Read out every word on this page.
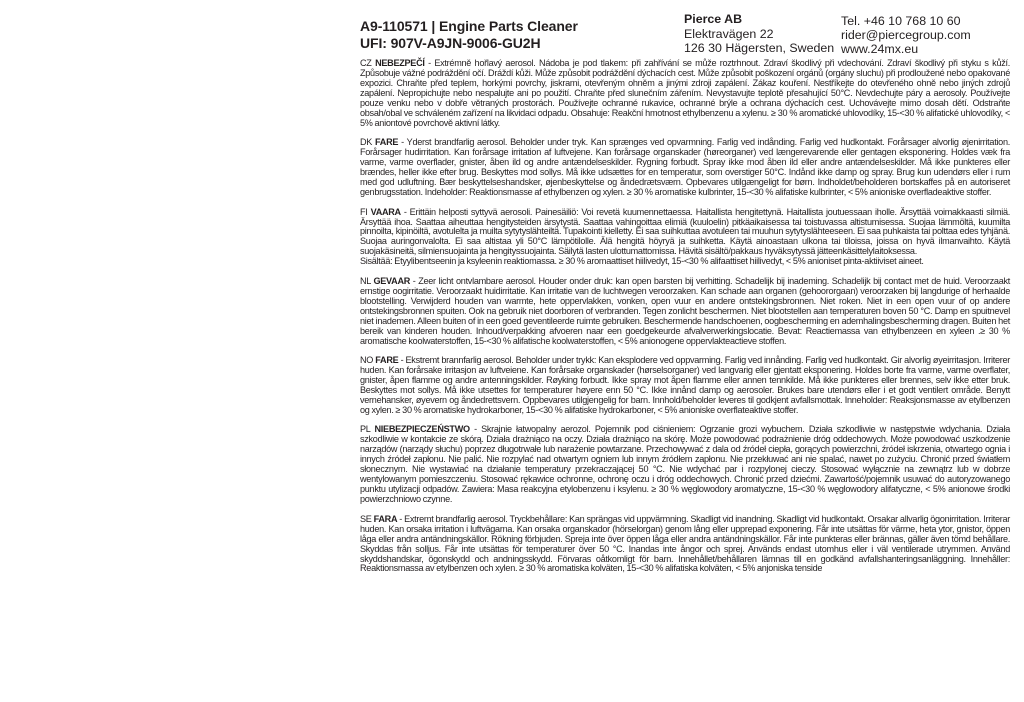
A9-110571 | Engine Parts Cleaner
UFI: 907V-A9JN-9006-GU2H
Pierce AB
Elektravägen 22
126 30 Hägersten, Sweden
Tel. +46 10 768 10 60
rider@piercegroup.com
www.24mx.eu

CZ NEBEZPEČÍ - Extrémně hořlavý aerosol. Nádoba je pod tlakem: při zahřívání se může roztrhnout. Zdraví škodlivý při vdechování. Zdraví škodlivý při styku s kůží. Způsobuje vážné podráždění očí. Dráždí kůži. Může způsobit podráždění dýchacích cest. Může způsobit poškození orgánů (orgány sluchu) při prodloužené nebo opakované expozici. Chraňte před teplem, horkými povrchy, jiskrami, otevřeným ohněm a jinými zdroji zapálení. Zákaz kouření. Nestříkejte do otevřeného ohně nebo jiných zdrojů zapálení. Nepropichujte nebo nespalujte ani po použití. Chraňte před slunečním zářením. Nevystavujte teplotě přesahující 50°C. Nevdechujte páry a aerosoly. Používejte pouze venku nebo v dobře větraných prostorách. Používejte ochranné rukavice, ochranné brýle a ochrana dýchacích cest. Uchovávejte mimo dosah dětí. Odstraňte obsah/obal ve schváleném zařízení na likvidaci odpadu. Obsahuje: Reakční hmotnost ethylbenzenu a xylenu. ≥ 30 % aromatické uhlovodíky, 15-<30 % alifatické uhlovodíky, < 5% aniontové povrchově aktivní látky.

DK FARE - Yderst brandfarlig aerosol. Beholder under tryk. Kan sprænges ved opvarmning. Farlig ved indånding. Farlig ved hudkontakt. Forårsager alvorlig øjenirritation. Forårsager hudirritation. Kan forårsage irritation af luftvejene. Kan forårsage organskader (høreorganer) ved længerevarende eller gentagen eksponering. Holdes væk fra varme, varme overflader, gnister, åben ild og andre antændelseskilder. Rygning forbudt. Spray ikke mod åben ild eller andre antændelseskilder. Må ikke punkteres eller brændes, heller ikke efter brug. Beskyttes mod sollys. Må ikke udsættes for en temperatur, som overstiger 50°C. Indånd ikke damp og spray. Brug kun udendørs eller i rum med god udluftning. Bær beskyttelseshandsker, øjenbeskyttelse og åndedrætsværn. Opbevares utilgængeligt for børn. Indholdet/beholderen bortskaffes på en autoriseret genbrugsstation. Indeholder: Reaktionsmasse af ethylbenzen og xylen. ≥ 30 % aromatiske kulbrinter, 15-<30 % alifatiske kulbrinter, < 5% anioniske overfladeaktive stoffer.

FI VAARA - Erittäin helposti syttyvä aerosoli. Painesäiliö: Voi revetä kuumennettaessa. Haitallista hengitettynä. Haitallista joutuessaan iholle. Ärsyttää voimakkaasti silmiä. Ärsyttää ihoa. Saattaa aiheuttaa hengitysteiden ärsytystä. Saattaa vahingoittaa elimiä (kuuloelin) pitkäaikaisessa tai toistuvassa altistumisessa. Suojaa lämmöltä, kuumilta pinnoilta, kipinöiltä, avotulelta ja muilta sytytyslähteiltä. Tupakointi kielletty. Ei saa suihkuttaa avotuleen tai muuhun sytytyslähteeseen. Ei saa puhkaista tai polttaa edes tyhjänä. Suojaa auringonvalolta. Ei saa altistaa yli 50°C lämpötilolle. Älä hengitä höyryä ja suihketta. Käytä ainoastaan ulkona tai tiloissa, joissa on hyvä ilmanvaihto. Käytä suojakäsineitä, silmiensuojainta ja hengityssuojainta. Säilytä lasten ulottumattomissa. Hävitä sisältö/pakkaus hyväksytyssä jätteenkäsittelylaitoksessa.
Sisältää: Etyylibentseenin ja ksyleenin reaktiomassa. ≥ 30 % aromaattiset hiilivedyt, 15-<30 % alifaattiset hiilivedyt, < 5% anioniset pinta-aktiiviset aineet.

NL GEVAAR - Zeer licht ontvlambare aerosol. Houder onder druk: kan open barsten bij verhitting. Schadelijk bij inademing. Schadelijk bij contact met de huid. Veroorzaakt ernstige oogirritatie. Veroorzaakt huidirritatie. Kan irritatie van de luchtwegen veroorzaken. Kan schade aan organen (gehoororgaan) veroorzaken bij langdurige of herhaalde blootstelling. Verwijderd houden van warmte, hete oppervlakken, vonken, open vuur en andere ontstekingsbronnen. Niet roken. Niet in een open vuur of op andere ontstekingsbronnen spuiten. Ook na gebruik niet doorboren of verbranden. Tegen zonlicht beschermen. Niet blootstellen aan temperaturen boven 50 °C. Damp en spuitnevel niet inademen. Alleen buiten of in een goed geventileerde ruimte gebruiken. Beschermende handschoenen, oogbescherming en ademhalingsbescherming dragen. Buiten het bereik van kinderen houden. Inhoud/verpakking afvoeren naar een goedgekeurde afvalverwerkingslocatie. Bevat: Reactiemassa van ethylbenzeen en xyleen .≥ 30 % aromatische koolwaterstoffen, 15-<30 % alifatische koolwaterstoffen, < 5% anionogene oppervlakteactieve stoffen.

NO FARE - Ekstremt brannfarlig aerosol. Beholder under trykk: Kan eksplodere ved oppvarming. Farlig ved innånding. Farlig ved hudkontakt. Gir alvorlig øyeirritasjon. Irriterer huden. Kan forårsake irritasjon av luftveiene. Kan forårsake organskader (hørselsorganer) ved langvarig eller gjentatt eksponering. Holdes borte fra varme, varme overflater, gnister, åpen flamme og andre antenningskilder. Røyking forbudt. Ikke spray mot åpen flamme eller annen tennkilde. Må ikke punkteres eller brennes, selv ikke etter bruk. Beskyttes mot sollys. Må ikke utsettes for temperaturer høyere enn 50 °C. Ikke innånd damp og aerosoler. Brukes bare utendørs eller i et godt ventilert område. Benytt vernehansker, øyevern og åndedrettsvern. Oppbevares utilgjengelig for barn. Innhold/beholder leveres til godkjent avfallsmottak. Inneholder: Reaksjonsmasse av etylbenzen og xylen. ≥ 30 % aromatiske hydrokarboner, 15-<30 % alifatiske hydrokarboner, < 5% anioniske overflateaktive stoffer.

PL NIEBEZPIECZEŃSTWO - Skrajnie łatwopalny aerozol. Pojemnik pod ciśnieniem: Ogrzanie grozi wybuchem. Działa szkodliwie w następstwie wdychania. Działa szkodliwie w kontakcie ze skórą. Działa drażniąco na oczy. Działa drażniąco na skórę. Może powodować podrażnienie dróg oddechowych. Może powodować uszkodzenie narządów (narządy słuchu) poprzez długotrwałe lub narażenie powtarzane. Przechowywać z dala od źródeł ciepła, gorących powierzchni, źródeł iskrzenia, otwartego ognia i innych źródeł zapłonu. Nie palić. Nie rozpylać nad otwartym ogniem lub innym źródłem zapłonu. Nie przekłuwać ani nie spalać, nawet po zużyciu. Chronić przed światłem słonecznym. Nie wystawiać na działanie temperatury przekraczającej 50 °C. Nie wdychać par i rozpylonej cieczy. Stosować wyłącznie na zewnątrz lub w dobrze wentylowanym pomieszczeniu. Stosować rękawice ochronne, ochronę oczu i dróg oddechowych. Chronić przed dziećmi. Zawartość/pojemnik usuwać do autoryzowanego punktu utylizacji odpadów. Zawiera: Masa reakcyjna etylobenzenu i ksylenu. ≥ 30 % węglowodory aromatyczne, 15-<30 % węglowodory alifatyczne, < 5% anionowe środki powierzchniowo czynne.

SE FARA - Extremt brandfarlig aerosol. Tryckbehållare: Kan sprängas vid uppvärmning. Skadligt vid inandning. Skadligt vid hudkontakt. Orsakar allvarlig ögonirritation. Irriterar huden. Kan orsaka irritation i luftvägarna. Kan orsaka organskador (hörselorgan) genom lång eller upprepad exponering. Får inte utsättas för värme, heta ytor, gnistor, öppen låga eller andra antändningskällor. Rökning förbjuden. Spreja inte över öppen låga eller andra antändningskällor. Får inte punkteras eller brännas, gäller även tömd behållare. Skyddas från solljus. Får inte utsättas för temperaturer över 50 °C. Inandas inte ångor och sprej. Används endast utomhus eller i väl ventilerade utrymmen. Använd skyddshandskar, ögonskydd och andningsskydd. Förvaras oåtkomligt för barn. Innehållet/behållaren lämnas till en godkänd avfallshanteringsanläggning. Innehåller: Reaktionsmassa av etylbenzen och xylen. ≥ 30 % aromatiska kolväten, 15-<30 % alifatiska kolväten, < 5% anjoniska tenside
